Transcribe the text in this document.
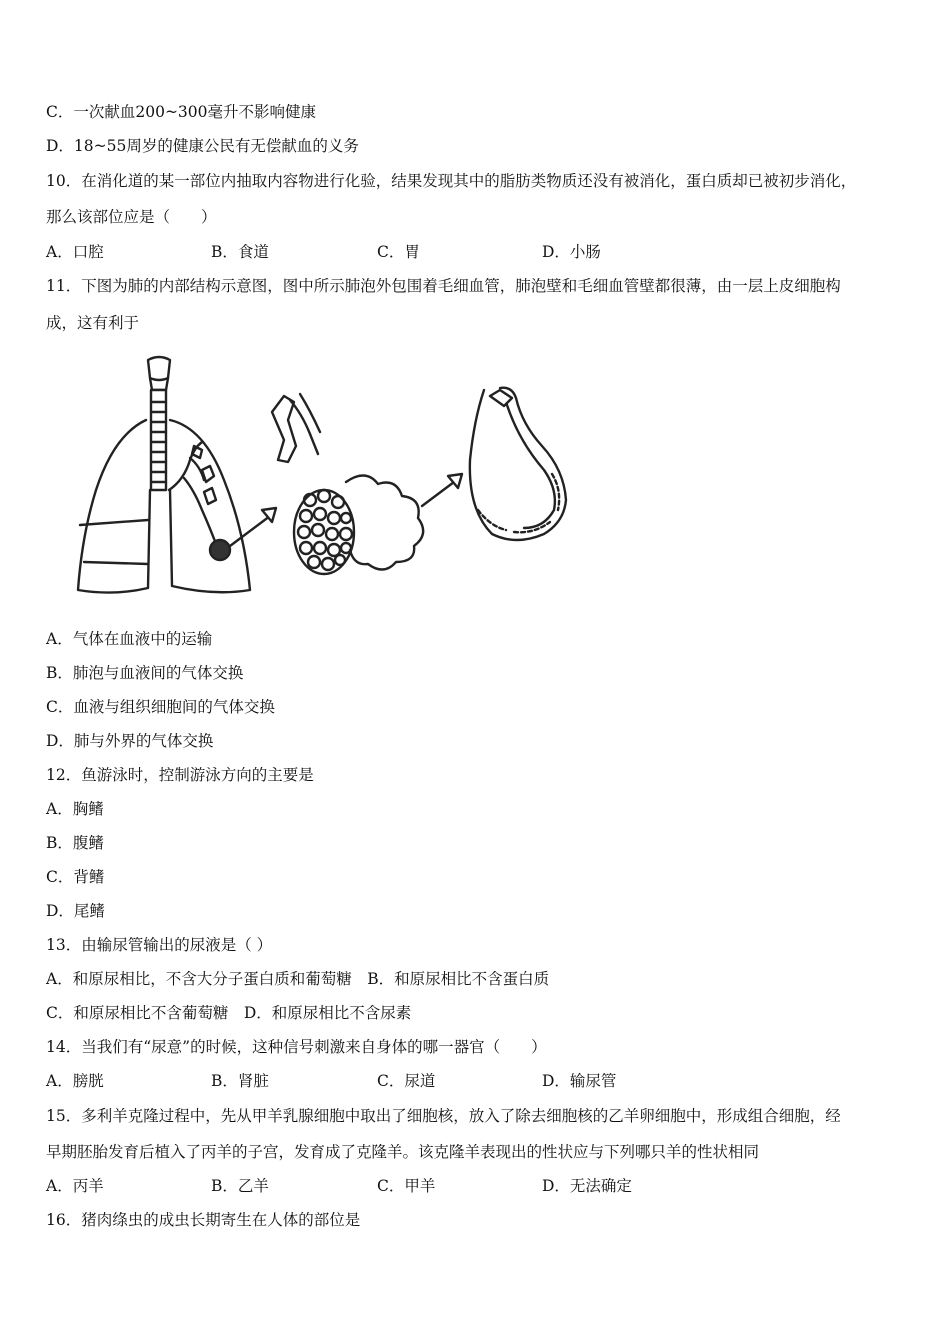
C．一次献血200~300毫升不影响健康
D．18~55周岁的健康公民有无偿献血的义务
10．在消化道的某一部位内抽取内容物进行化验，结果发现其中的脂肪类物质还没有被消化，蛋白质却已被初步消化，
那么该部位应是（　　）
A．口腔	B．食道	C．胃	D．小肠
11．下图为肺的内部结构示意图，图中所示肺泡外包围着毛细血管，肺泡壁和毛细血管壁都很薄，由一层上皮细胞构
成，这有利于
A．气体在血液中的运输
B．肺泡与血液间的气体交换
C．血液与组织细胞间的气体交换
D．肺与外界的气体交换
12．鱼游泳时，控制游泳方向的主要是
A．胸鳍
B．腹鳍
C．背鳍
D．尾鳍
13．由输尿管输出的尿液是（ ）
A．和原尿相比，不含大分子蛋白质和葡萄糖　B．和原尿相比不含蛋白质
C．和原尿相比不含葡萄糖　D．和原尿相比不含尿素
14．当我们有“尿意”的时候，这种信号刺激来自身体的哪一器官（　　）
A．膀胱	B．肾脏	C．尿道	D．输尿管
15．多利羊克隆过程中，先从甲羊乳腺细胞中取出了细胞核，放入了除去细胞核的乙羊卵细胞中，形成组合细胞，经
早期胚胎发育后植入了丙羊的子宫，发育成了克隆羊。该克隆羊表现出的性状应与下列哪只羊的性状相同
A．丙羊	B．乙羊	C．甲羊	D．无法确定
16．猪肉绦虫的成虫长期寄生在人体的部位是
